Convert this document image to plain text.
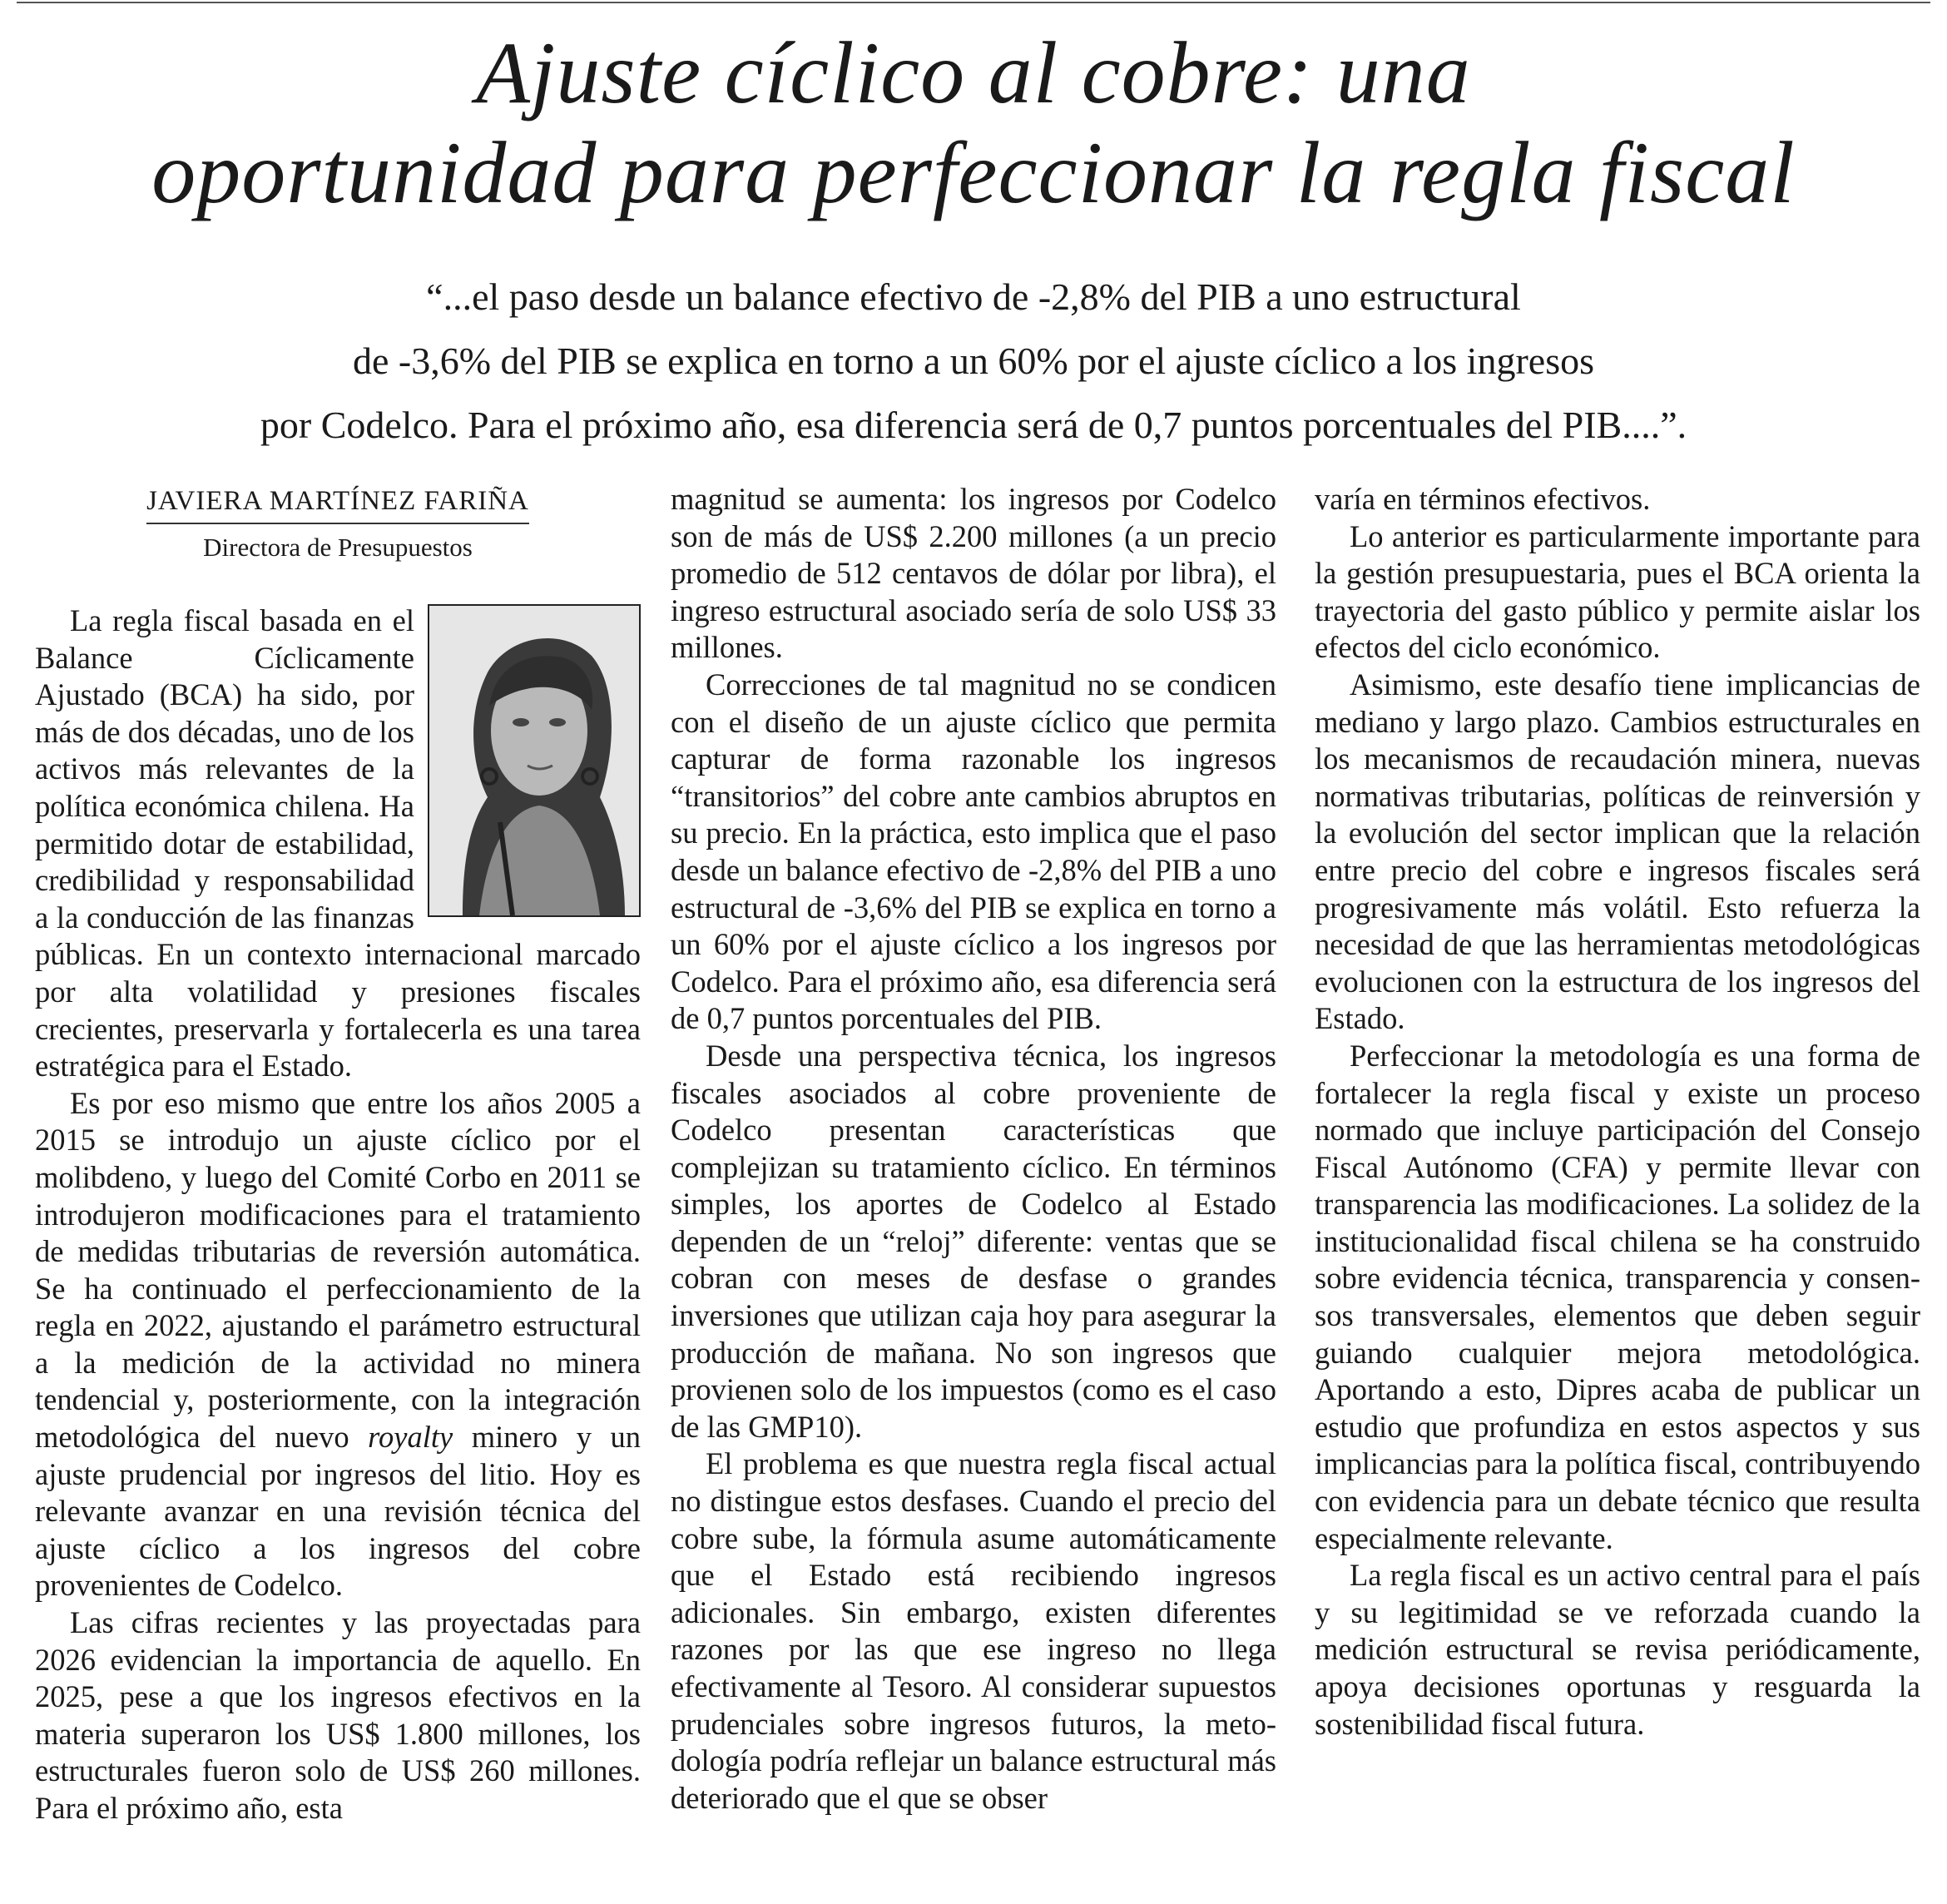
Ajuste cíclico al cobre: una
oportunidad para perfeccionar la regla fiscal
“...el paso desde un balance efectivo de -2,8% del PIB a uno estructural
de -3,6% del PIB se explica en torno a un 60% por el ajuste cíclico a los ingresos
por Codelco. Para el próximo año, esa diferencia será de 0,7 puntos porcentuales del PIB....”.
JAVIERA MARTÍNEZ FARIÑA
Directora de Presupuestos

La regla fiscal basada en el Balance Cíclicamente Ajustado (BCA) ha sido, por más de dos décadas, uno de los activos más relevantes de la política económica chilena. Ha permitido dotar de estabilidad, credibilidad y responsabilidad a la conducción de las finanzas públicas. En un contexto internacional marcado por alta volatilidad y presiones fiscales crecientes, preservarla y fortalecerla es una tarea estratégica para el Estado.

Es por eso mismo que entre los años 2005 a 2015 se introdujo un ajuste cíclico por el molibdeno, y luego del Comité Corbo en 2011 se introdujeron modificaciones para el tratamiento de medidas tributarias de reversión automática. Se ha continuado el perfeccionamiento de la regla en 2022, ajustando el parámetro estructural a la medición de la actividad no minera tendencial y, posteriormente, con la integración metodológica del nuevo royalty minero y un ajuste prudencial por ingresos del litio. Hoy es relevante avanzar en una revisión técnica del ajuste cíclico a los ingresos del cobre provenientes de Codelco.

Las cifras recientes y las proyectadas para 2026 evidencian la importancia de aquello. En 2025, pese a que los ingresos efectivos en la materia superaron los US$ 1.800 millones, los estructurales fueron solo de US$ 260 millones. Para el próximo año, esta

magnitud se aumenta: los ingresos por Codelco son de más de US$ 2.200 millones (a un precio promedio de 512 centavos de dólar por libra), el ingreso estructural asociado sería de solo US$ 33 millones.

Correcciones de tal magnitud no se condicen con el diseño de un ajuste cíclico que permita capturar de forma razonable los ingresos “transitorios” del cobre ante cambios abruptos en su precio. En la práctica, esto implica que el paso desde un balance efectivo de -2,8% del PIB a uno estructural de -3,6% del PIB se explica en torno a un 60% por el ajuste cíclico a los ingresos por Codelco. Para el próximo año, esa diferencia será de 0,7 puntos porcentuales del PIB.

Desde una perspectiva técnica, los ingresos fiscales asociados al cobre proveniente de Codelco presentan características que complejizan su tratamiento cíclico. En términos simples, los aportes de Codelco al Estado dependen de un “reloj” diferente: ventas que se cobran con meses de desfase o grandes inversiones que utilizan caja hoy para asegurar la producción de mañana. No son ingresos que provienen solo de los impuestos (como es el caso de las GMP10).

El problema es que nuestra regla fiscal actual no distingue estos desfases. Cuando el precio del cobre sube, la fórmula asume automáticamente que el Estado está recibiendo ingresos adicionales. Sin embargo, existen diferentes razones por las que ese ingreso no llega efectivamente al Tesoro. Al considerar supuestos prudenciales sobre ingresos futuros, la metodología podría reflejar un balance estructural más deteriorado que el que se obser

varía en términos efectivos.

Lo anterior es particularmente importante para la gestión presupuestaria, pues el BCA orienta la trayectoria del gasto público y permite aislar los efectos del ciclo económico.

Asimismo, este desafío tiene implicancias de mediano y largo plazo. Cambios estructurales en los mecanismos de recaudación minera, nuevas normativas tributarias, políticas de reinversión y la evolución del sector implican que la relación entre precio del cobre e ingresos fiscales será progresivamente más volátil. Esto refuerza la necesidad de que las herramientas metodológicas evolucionen con la estructura de los ingresos del Estado.

Perfeccionar la metodología es una forma de fortalecer la regla fiscal y existe un proceso normado que incluye participación del Consejo Fiscal Autónomo (CFA) y permite llevar con transparencia las modificaciones. La solidez de la institucionalidad fiscal chilena se ha construido sobre evidencia técnica, transparencia y consensos transversales, elementos que deben seguir guiando cualquier mejora metodológica. Aportando a esto, Dipres acaba de publicar un estudio que profundiza en estos aspectos y sus implicancias para la política fiscal, contribuyendo con evidencia para un debate técnico que resulta especialmente relevante.

La regla fiscal es un activo central para el país y su legitimidad se ve reforzada cuando la medición estructural se revisa periódicamente, apoya decisiones oportunas y resguarda la sostenibilidad fiscal futura.
